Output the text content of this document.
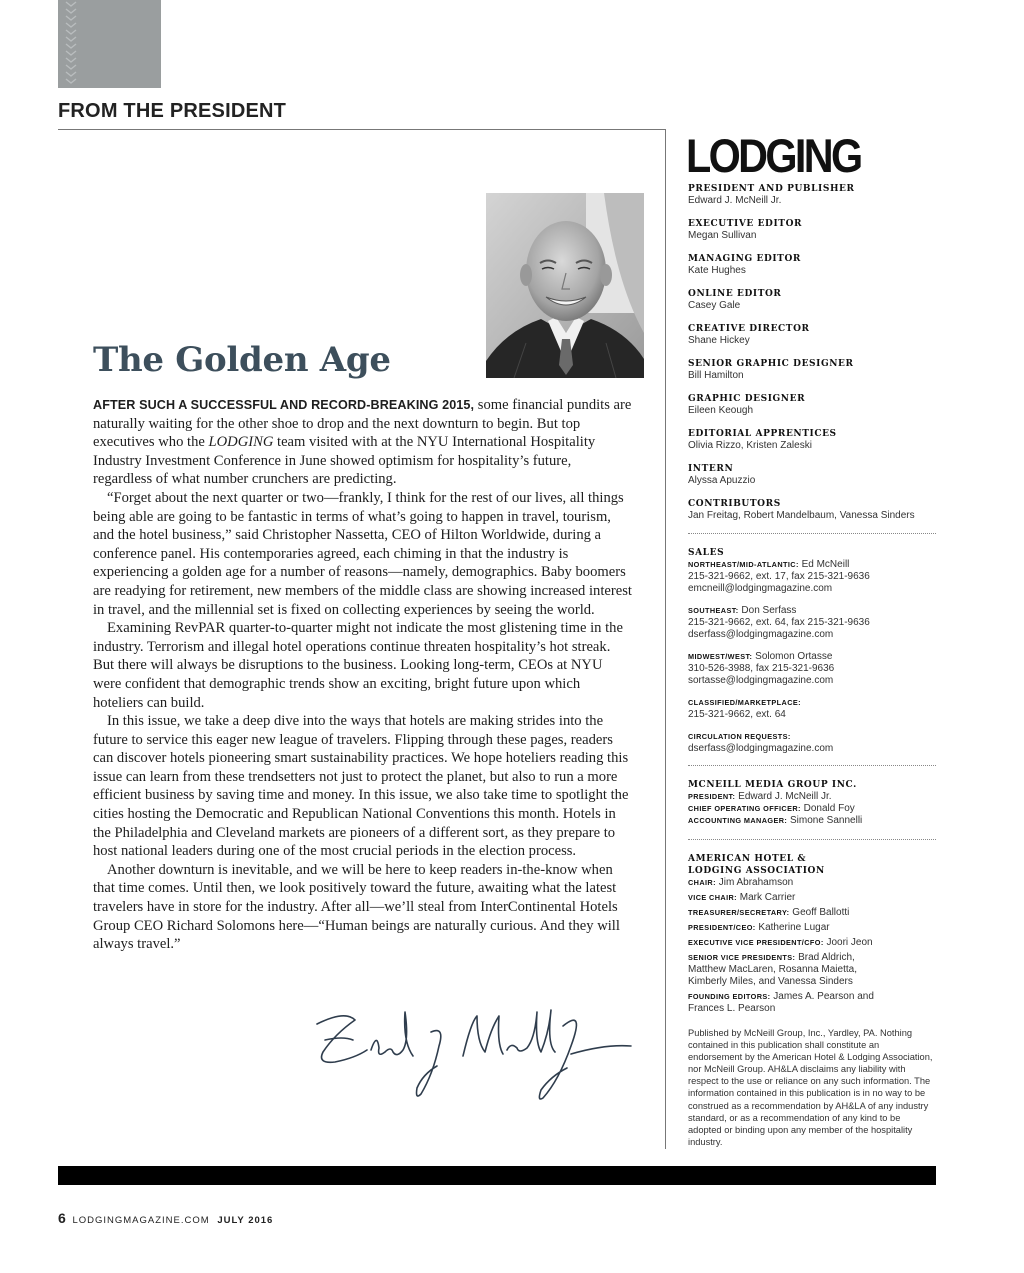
FROM THE PRESIDENT
The Golden Age

AFTER SUCH A SUCCESSFUL AND RECORD-BREAKING 2015, some financial pundits are naturally waiting for the other shoe to drop and the next downturn to begin. But top executives who the LODGING team visited with at the NYU International Hospitality Industry Investment Conference in June showed optimism for hospitality’s future, regardless of what number crunchers are predicting.

“Forget about the next quarter or two—frankly, I think for the rest of our lives, all things being able are going to be fantastic in terms of what’s going to happen in travel, tourism, and the hotel business,” said Christopher Nassetta, CEO of Hilton Worldwide, during a conference panel. His contemporaries agreed, each chiming in that the industry is experiencing a golden age for a number of reasons—namely, demographics. Baby boomers are readying for retirement, new members of the middle class are showing increased interest in travel, and the millennial set is fixed on collecting experiences by seeing the world.

Examining RevPAR quarter-to-quarter might not indicate the most glistening time in the industry. Terrorism and illegal hotel operations continue threaten hospitality’s hot streak. But there will always be disruptions to the business. Looking long-term, CEOs at NYU were confident that demographic trends show an exciting, bright future upon which hoteliers can build.

In this issue, we take a deep dive into the ways that hotels are making strides into the future to service this eager new league of travelers. Flipping through these pages, readers can discover hotels pioneering smart sustainability practices. We hope hoteliers reading this issue can learn from these trendsetters not just to protect the planet, but also to run a more efficient business by saving time and money. In this issue, we also take time to spotlight the cities hosting the Democratic and Republican National Conventions this month. Hotels in the Philadelphia and Cleveland markets are pioneers of a different sort, as they prepare to host national leaders during one of the most crucial periods in the election process.

Another downturn is inevitable, and we will be here to keep readers in-the-know when that time comes. Until then, we look positively toward the future, awaiting what the latest travelers have in store for the industry. After all—we’ll steal from InterContinental Hotels Group CEO Richard Solomons here—“Human beings are naturally curious. And they will always travel.”

Edward J. McNeill Jr.
LODGING
PRESIDENT AND PUBLISHER
Edward J. McNeill Jr.
EXECUTIVE EDITOR
Megan Sullivan
MANAGING EDITOR
Kate Hughes
ONLINE EDITOR
Casey Gale
CREATIVE DIRECTOR
Shane Hickey
SENIOR GRAPHIC DESIGNER
Bill Hamilton
GRAPHIC DESIGNER
Eileen Keough
EDITORIAL APPRENTICES
Olivia Rizzo, Kristen Zaleski
INTERN
Alyssa Apuzzio
CONTRIBUTORS
Jan Freitag, Robert Mandelbaum, Vanessa Sinders
SALES
NORTHEAST/MID-ATLANTIC: Ed McNeill
215-321-9662, ext. 17, fax 215-321-9636
emcneill@lodgingmagazine.com
SOUTHEAST: Don Serfass
215-321-9662, ext. 64, fax 215-321-9636
dserfass@lodgingmagazine.com
MIDWEST/WEST: Solomon Ortasse
310-526-3988, fax 215-321-9636
sortasse@lodgingmagazine.com
CLASSIFIED/MARKETPLACE:
215-321-9662, ext. 64
CIRCULATION REQUESTS:
dserfass@lodgingmagazine.com
MCNEILL MEDIA GROUP INC.
PRESIDENT: Edward J. McNeill Jr.
CHIEF OPERATING OFFICER: Donald Foy
ACCOUNTING MANAGER: Simone Sannelli
AMERICAN HOTEL &
LODGING ASSOCIATION
CHAIR: Jim Abrahamson
VICE CHAIR: Mark Carrier
TREASURER/SECRETARY: Geoff Ballotti
PRESIDENT/CEO: Katherine Lugar
EXECUTIVE VICE PRESIDENT/CFO: Joori Jeon
SENIOR VICE PRESIDENTS: Brad Aldrich,
Matthew MacLaren, Rosanna Maietta,
Kimberly Miles, and Vanessa Sinders
FOUNDING EDITORS: James A. Pearson and
Frances L. Pearson
Published by McNeill Group, Inc., Yardley, PA. Nothing contained in this publication shall constitute an endorsement by the American Hotel & Lodging Association, nor McNeill Group. AH&LA disclaims any liability with respect to the use or reliance on any such information. The information contained in this publication is in no way to be construed as a recommendation by AH&LA of any industry standard, or as a recommendation of any kind to be adopted or binding upon any member of the hospitality industry.
6 LODGINGMAGAZINE.COM JULY 2016
